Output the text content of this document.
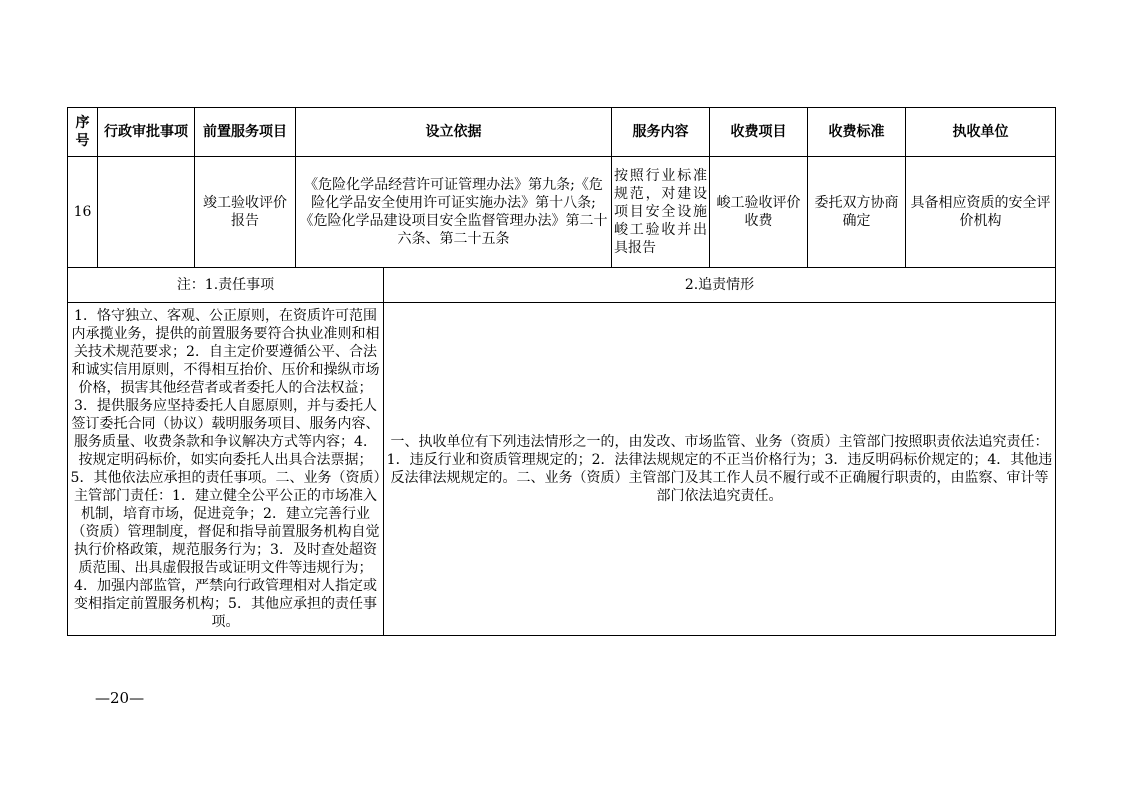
序号	行政审批事项	前置服务项目	设立依据		服务内容	收费项目	收费标准	执收单位
16		竣工验收评价报告	《危险化学品经营许可证管理办法》第九条;《危险化学品安全使用许可证实施办法》第十八条;《危险化学品建设项目安全监督管理办法》第二十六条、第二十五条		按照行业标准规范，对建设项目安全设施峻工验收并出具报告	峻工验收评价收费	委托双方协商确定	具备相应资质的安全评价机构
注：1.责任事项				2.追责情形				
1．恪守独立、客观、公正原则，在资质许可范围内承揽业务，提供的前置服务要符合执业准则和相关技术规范要求；2．自主定价要遵循公平、合法和诚实信用原则，不得相互抬价、压价和操纵市场价格，损害其他经营者或者委托人的合法权益；3．提供服务应坚持委托人自愿原则，并与委托人签订委托合同（协议）载明服务项目、服务内容、服务质量、收费条款和争议解决方式等内容；4．按规定明码标价，如实向委托人出具合法票据；5．其他依法应承担的责任事项。二、业务（资质）主管部门责任：1．建立健全公平公正的市场准入机制，培育市场，促进竞争；2．建立完善行业（资质）管理制度，督促和指导前置服务机构自觉执行价格政策，规范服务行为；3．及时查处超资质范围、出具虚假报告或证明文件等违规行为；4．加强内部监管，严禁向行政管理相对人指定或变相指定前置服务机构；5．其他应承担的责任事项。				一、执收单位有下列违法情形之一的，由发改、市场监管、业务（资质）主管部门按照职责依法追究责任：1．违反行业和资质管理规定的；2．法律法规规定的不正当价格行为；3．违反明码标价规定的；4．其他违反法律法规规定的。二、业务（资质）主管部门及其工作人员不履行或不正确履行职责的，由监察、审计等部门依法追究责任。				
—20—
